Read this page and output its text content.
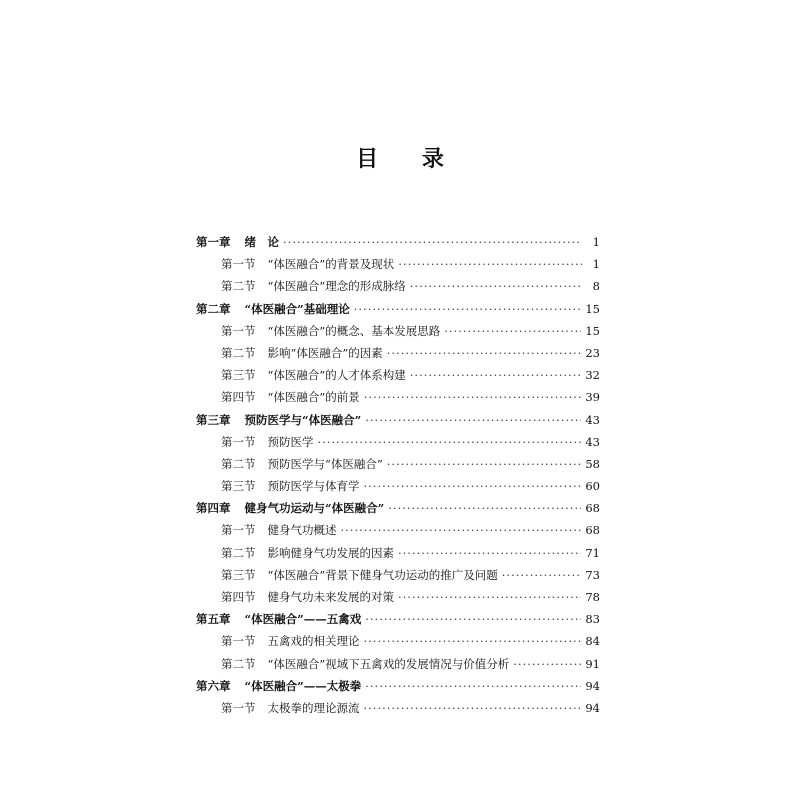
目 录
第一章 绪　论 ·····	1
第一节 “体医融合”的背景及现状 ·····	1
第二节 “体医融合”理念的形成脉络 ·····	8
第二章 “体医融合”基础理论 ·····	15
第一节 “体医融合”的概念、基本发展思路 ·····	15
第二节 影响“体医融合”的因素 ·····	23
第三节 “体医融合”的人才体系构建 ·····	32
第四节 “体医融合”的前景 ·····	39
第三章 预防医学与“体医融合” ·····	43
第一节 预防医学 ·····	43
第二节 预防医学与“体医融合” ·····	58
第三节 预防医学与体育学 ·····	60
第四章 健身气功运动与“体医融合” ·····	68
第一节 健身气功概述 ·····	68
第二节 影响健身气功发展的因素 ·····	71
第三节 “体医融合”背景下健身气功运动的推广及问题 ·····	73
第四节 健身气功未来发展的对策 ·····	78
第五章 “体医融合”——五禽戏 ·····	83
第一节 五禽戏的相关理论 ·····	84
第二节 “体医融合”视域下五禽戏的发展情况与价值分析 ·····	91
第六章 “体医融合”——太极拳 ·····	94
第一节 太极拳的理论源流 ·····	94
